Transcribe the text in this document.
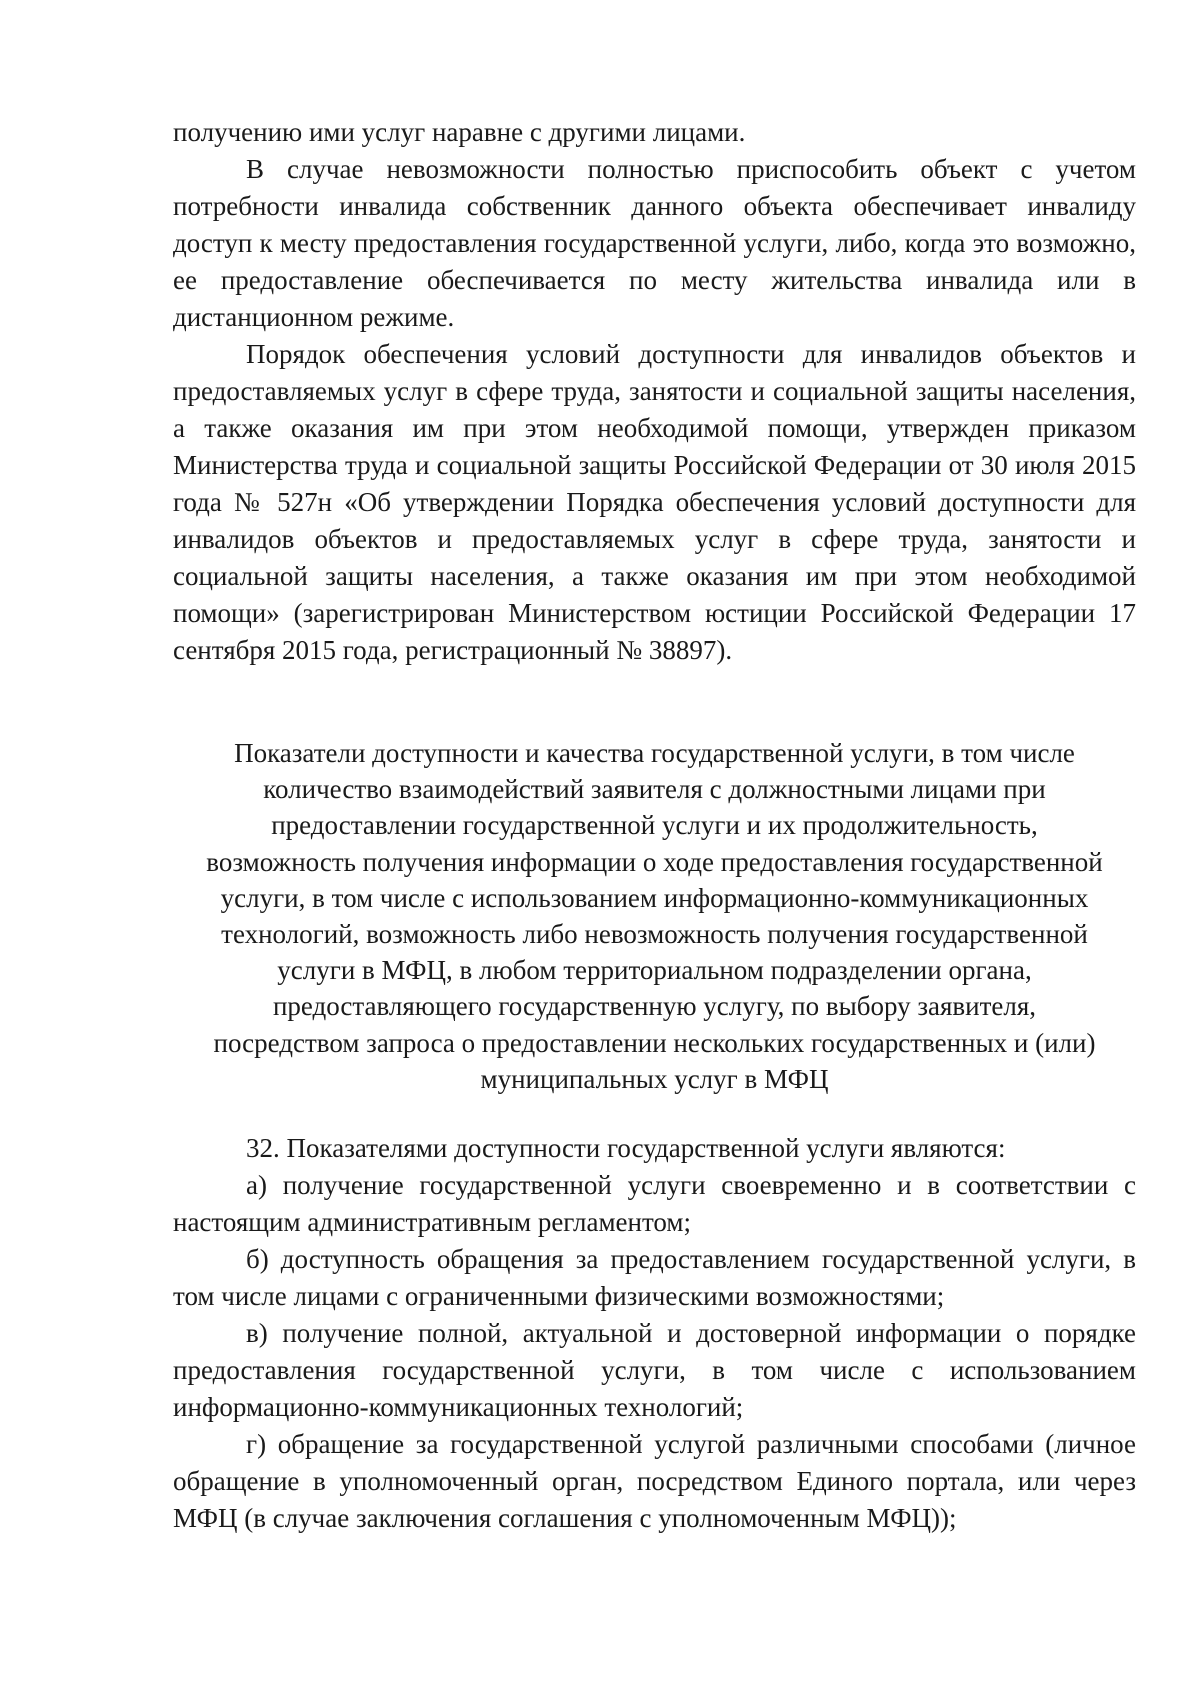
получению ими услуг наравне с другими лицами.

В случае невозможности полностью приспособить объект с учетом потребности инвалида собственник данного объекта обеспечивает инвалиду доступ к месту предоставления государственной услуги, либо, когда это возможно, ее предоставление обеспечивается по месту жительства инвалида или в дистанционном режиме.

Порядок обеспечения условий доступности для инвалидов объектов и предоставляемых услуг в сфере труда, занятости и социальной защиты населения, а также оказания им при этом необходимой помощи, утвержден приказом Министерства труда и социальной защиты Российской Федерации от 30 июля 2015 года № 527н «Об утверждении Порядка обеспечения условий доступности для инвалидов объектов и предоставляемых услуг в сфере труда, занятости и социальной защиты населения, а также оказания им при этом необходимой помощи» (зарегистрирован Министерством юстиции Российской Федерации 17 сентября 2015 года, регистрационный № 38897).

Показатели доступности и качества государственной услуги, в том числе

количество взаимодействий заявителя с должностными лицами при

предоставлении государственной услуги и их продолжительность,

возможность получения информации о ходе предоставления государственной

услуги, в том числе с использованием информационно-коммуникационных

технологий, возможность либо невозможность получения государственной

услуги в МФЦ, в любом территориальном подразделении органа,

предоставляющего государственную услугу, по выбору заявителя,

посредством запроса о предоставлении нескольких государственных и (или)

муниципальных услуг в МФЦ

32. Показателями доступности государственной услуги являются:

а) получение государственной услуги своевременно и в соответствии с настоящим административным регламентом;

б) доступность обращения за предоставлением государственной услуги, в том числе лицами с ограниченными физическими возможностями;

в) получение полной, актуальной и достоверной информации о порядке предоставления государственной услуги, в том числе с использованием информационно-коммуникационных технологий;

г) обращение за государственной услугой различными способами (личное обращение в уполномоченный орган, посредством Единого портала, или через МФЦ (в случае заключения соглашения с уполномоченным МФЦ));
